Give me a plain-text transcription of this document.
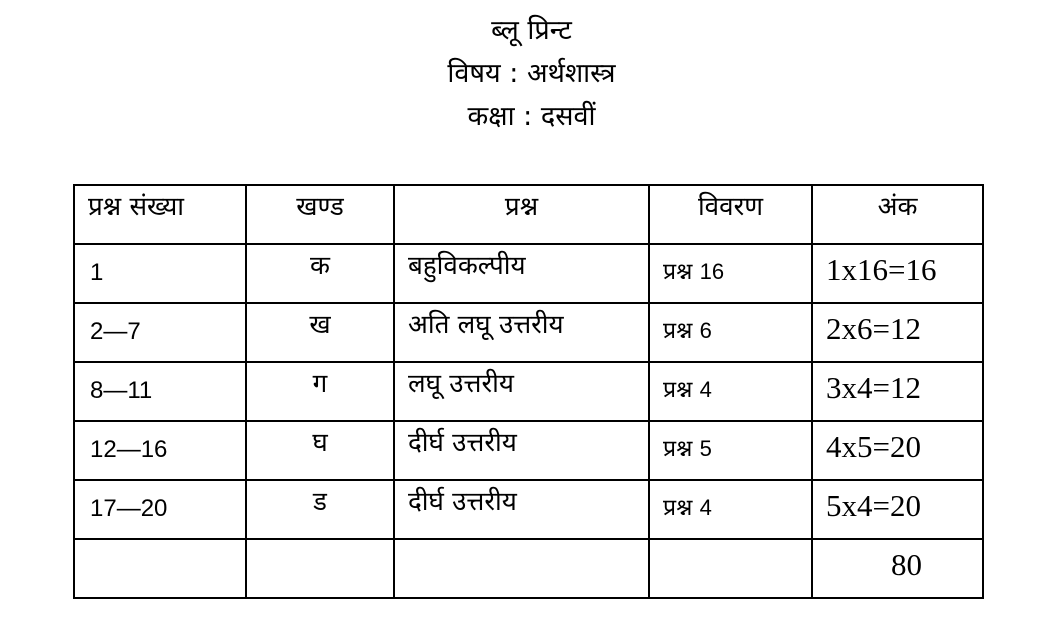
ब्लू प्रिन्ट
विषय : अर्थशास्त्र
कक्षा : दसवीं
प्रश्न संख्या	खण्ड	प्रश्न	विवरण	अंक

1	क	बहुविकल्पीय	प्रश्न 16	1x16=16

2—7	ख	अति लघू उत्तरीय	प्रश्न 6	2x6=12

8—11	ग	लघू उत्तरीय	प्रश्न 4	3x4=12

12—16	घ	दीर्घ उत्तरीय	प्रश्न 5	4x5=20

17—20	ड	दीर्घ उत्तरीय	प्रश्न 4	5x4=20

				80
